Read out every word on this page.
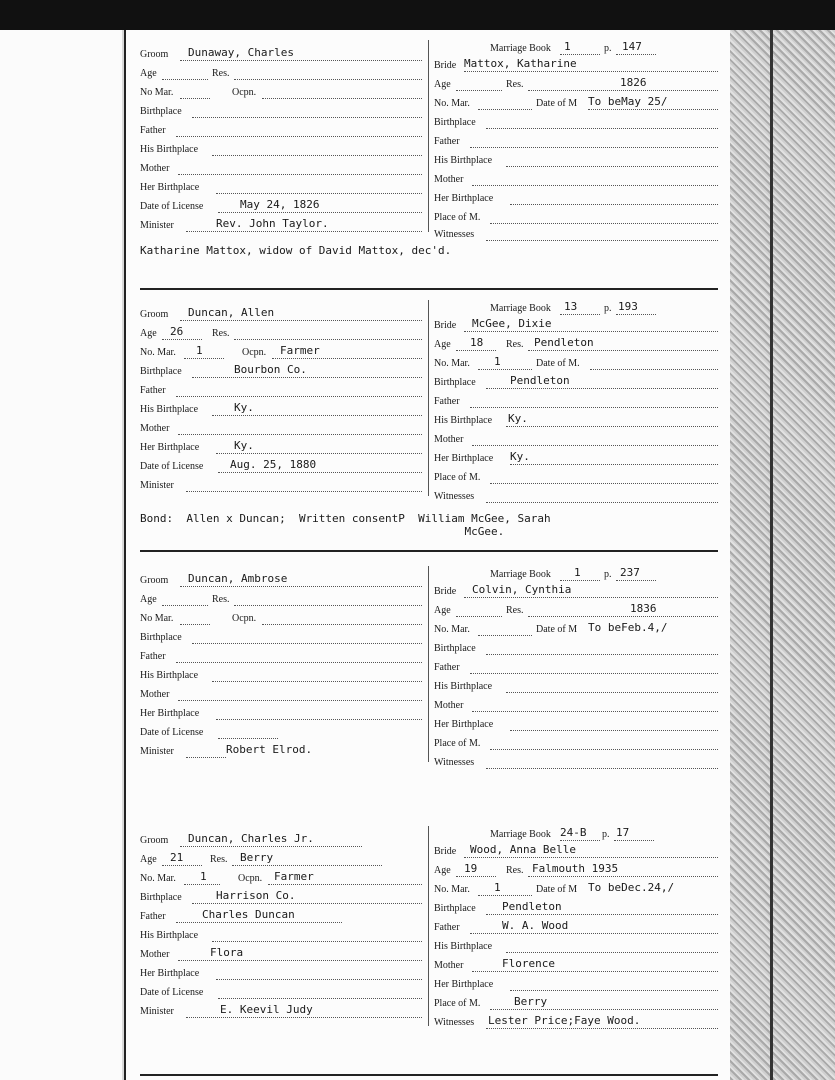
Groom Dunaway, Charles
Age	Res.
No Mar.	Ocpn.
Birthplace
Father
His Birthplace
Mother
Her Birthplace
Date of License	May 24, 1826
Minister	Rev. John Taylor.
Marriage Book 1	p. 147
Bride Mattox, Katharine
Age	Res.	1826
No. Mar.	Date of M To beMay 25/
Birthplace
Father
His Birthplace
Mother
Her Birthplace
Place of M.
Witnesses
Katharine Mattox, widow of David Mattox, dec'd.
Groom Duncan, Allen
Age 26	Res.
No. Mar. 1	Ocpn. Farmer
Birthplace	Bourbon Co.
Father
His Birthplace	Ky.
Mother
Her Birthplace	Ky.
Date of License Aug. 25, 1880
Minister
Marriage Book 13	p. 193
Bride McGee, Dixie
Age 18 Res. Pendleton
No. Mar. 1	Date of M.
Birthplace	Pendleton
Father
His Birthplace Ky.
Mother
Her Birthplace Ky.
Place of M.
Witnesses
Bond:  Allen x Duncan;  Written consentP  William McGee, Sarah
McGee.
Groom Duncan, Ambrose
Age	Res.
No Mar.	Ocpn.
Birthplace
Father
His Birthplace
Mother
Her Birthplace
Date of License
Minister	Robert Elrod.
Marriage Book 1 p. 237
Bride Colvin, Cynthia
Age	Res.	1836
No. Mar.	Date of M To beFeb.4,/
Birthplace
Father
His Birthplace
Mother
Her Birthplace
Place of M.
Witnesses
Groom Duncan, Charles Jr.
Age 21	Res. Berry
No. Mar. 1	Ocpn. Farmer
Birthplace	Harrison Co.
Father	Charles Duncan
His Birthplace
Mother	Flora
Her Birthplace
Date of License
Minister	E. Keevil Judy
Marriage Book 24-B p. 17
Bride Wood, Anna Belle
Age 19	Res. Falmouth 1935
No. Mar. 1	Date of M To beDec.24,/
Birthplace Pendleton
Father	W. A. Wood
His Birthplace
Mother	Florence
Her Birthplace
Place of M.	Berry
Witnesses Lester Price;Faye Wood.
